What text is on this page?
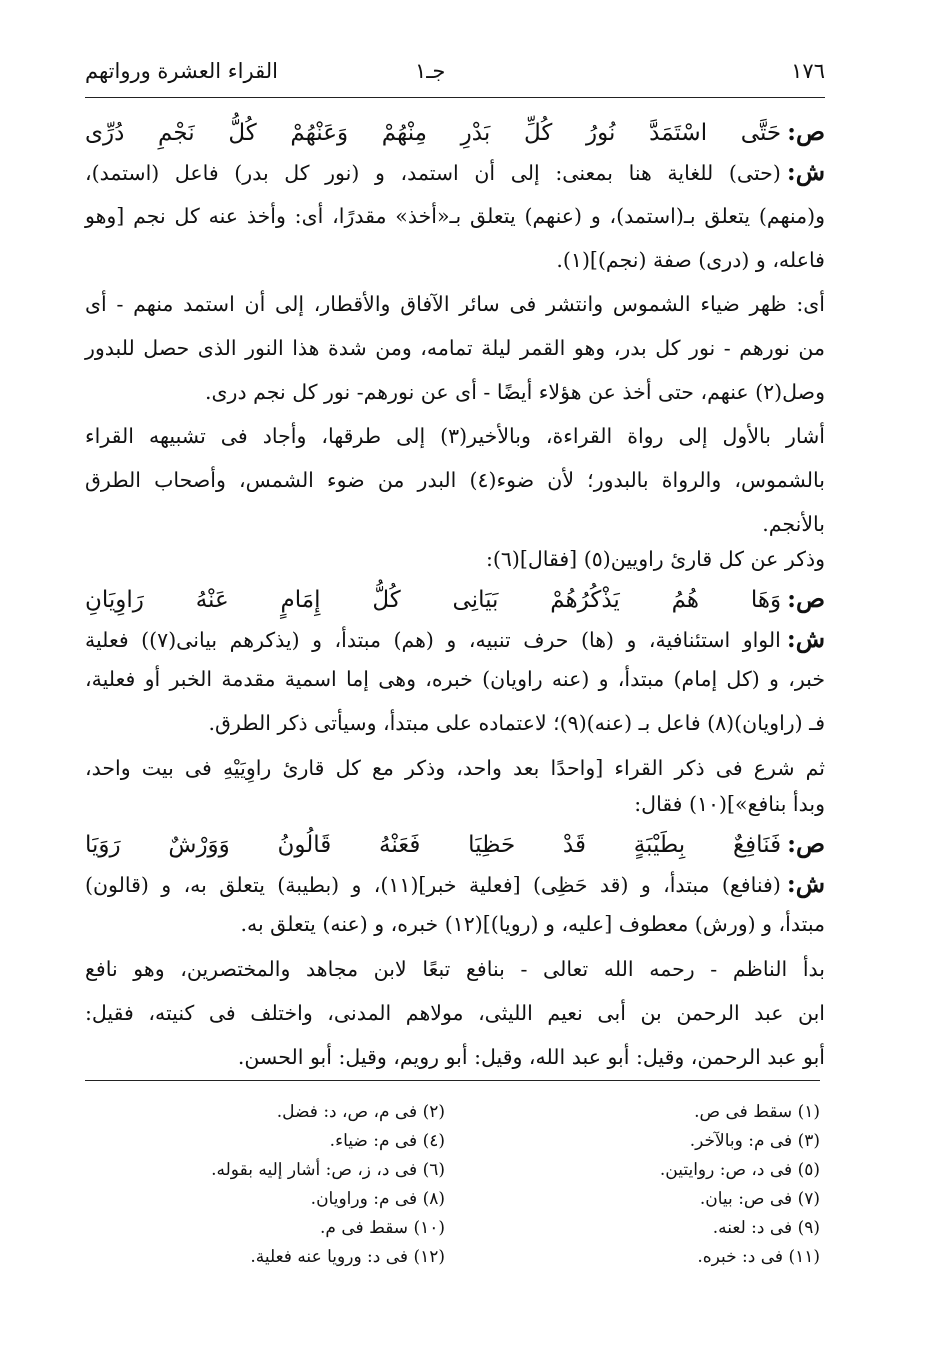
١٧٦
جـ١
القراء العشرة ورواتهم
ص:حَتَّى اسْتَمَدَّ نُورُ كُلِّ بَدْرِ مِنْهُمْ وَعَنْهُمْ كُلُّ نَجْمِ دُرِّى
ش:(حتى) للغاية هنا بمعنى: إلى أن استمد، و (نور كل بدر) فاعل (استمد)،
و(منهم) يتعلق بـ(استمد)، و (عنهم) يتعلق بـ«أخذ» مقدرًا، أى: وأخذ عنه كل نجم [وهو
فاعله، و (درى) صفة (نجم)](١).
أى: ظهر ضياء الشموس وانتشر فى سائر الآفاق والأقطار، إلى أن استمد منهم - أى
من نورهم - نور كل بدر، وهو القمر ليلة تمامه، ومن شدة هذا النور الذى حصل للبدور
وصل(٢) عنهم، حتى أخذ عن هؤلاء أيضًا - أى عن نورهم- نور كل نجم درى.
أشار بالأول إلى رواة القراءة، وبالأخير(٣) إلى طرقها، وأجاد فى تشبيهه القراء
بالشموس، والرواة بالبدور؛ لأن ضوء(٤) البدر من ضوء الشمس، وأصحاب الطرق
بالأنجم.
وذكر عن كل قارئ راويين(٥) [فقال](٦):
ص:وَهَا هُمُ يَذْكُرُهُمْ بَيَانِى كُلُّ إِمَامٍ عَنْهُ رَاوِيَانِ
ش:الواو استئنافية، و (ها) حرف تنبيه، و (هم) مبتدأ، و (يذكرهم بيانى(٧)) فعلية
خبر، و (كل إمام) مبتدأ، و (عنه راويان) خبره، وهى إما اسمية مقدمة الخبر أو فعلية،
فـ (راويان)(٨) فاعل بـ (عنه)(٩)؛ لاعتماده على مبتدأ، وسيأتى ذكر الطرق.
ثم شرع فى ذكر القراء [واحدًا بعد واحد، وذكر مع كل قارئ راوِيَيْهِ فى بيت واحد،
وبدأ بنافع»](١٠) فقال:
ص:فَنَافِعٌ بِطَيْبَةٍ قَدْ حَظِيَا فَعَنْهُ قَالُونُ وَوَرْشٌ رَوَيَا
ش:(فنافع) مبتدأ، و (قد حَظِى) [فعلية خبر](١١)، و (بطيبة) يتعلق به، و (قالون)
مبتدأ، و (ورش) معطوف [عليه، و (رويا)](١٢) خبره، و (عنه) يتعلق به.
بدأ الناظم - رحمه الله تعالى - بنافع تبعًا لابن مجاهد والمختصرين، وهو نافع
ابن عبد الرحمن بن أبى نعيم الليثى، مولاهم المدنى، واختلف فى كنيته، فقيل:
أبو عبد الرحمن، وقيل: أبو عبد الله، وقيل: أبو رويم، وقيل: أبو الحسن.
(١) سقط فى ص.
(٢) فى م، ص، د: فضل.
(٣) فى م: وبالآخر.
(٤) فى م: ضياء.
(٥) فى د، ص: روايتين.
(٦) فى د، ز، ص: أشار إليه بقوله.
(٧) فى ص: بيان.
(٨) فى م: وراويان.
(٩) فى د: لعنه.
(١٠) سقط فى م.
(١١) فى د: خبره.
(١٢) فى د: ورويا عنه فعلية.
